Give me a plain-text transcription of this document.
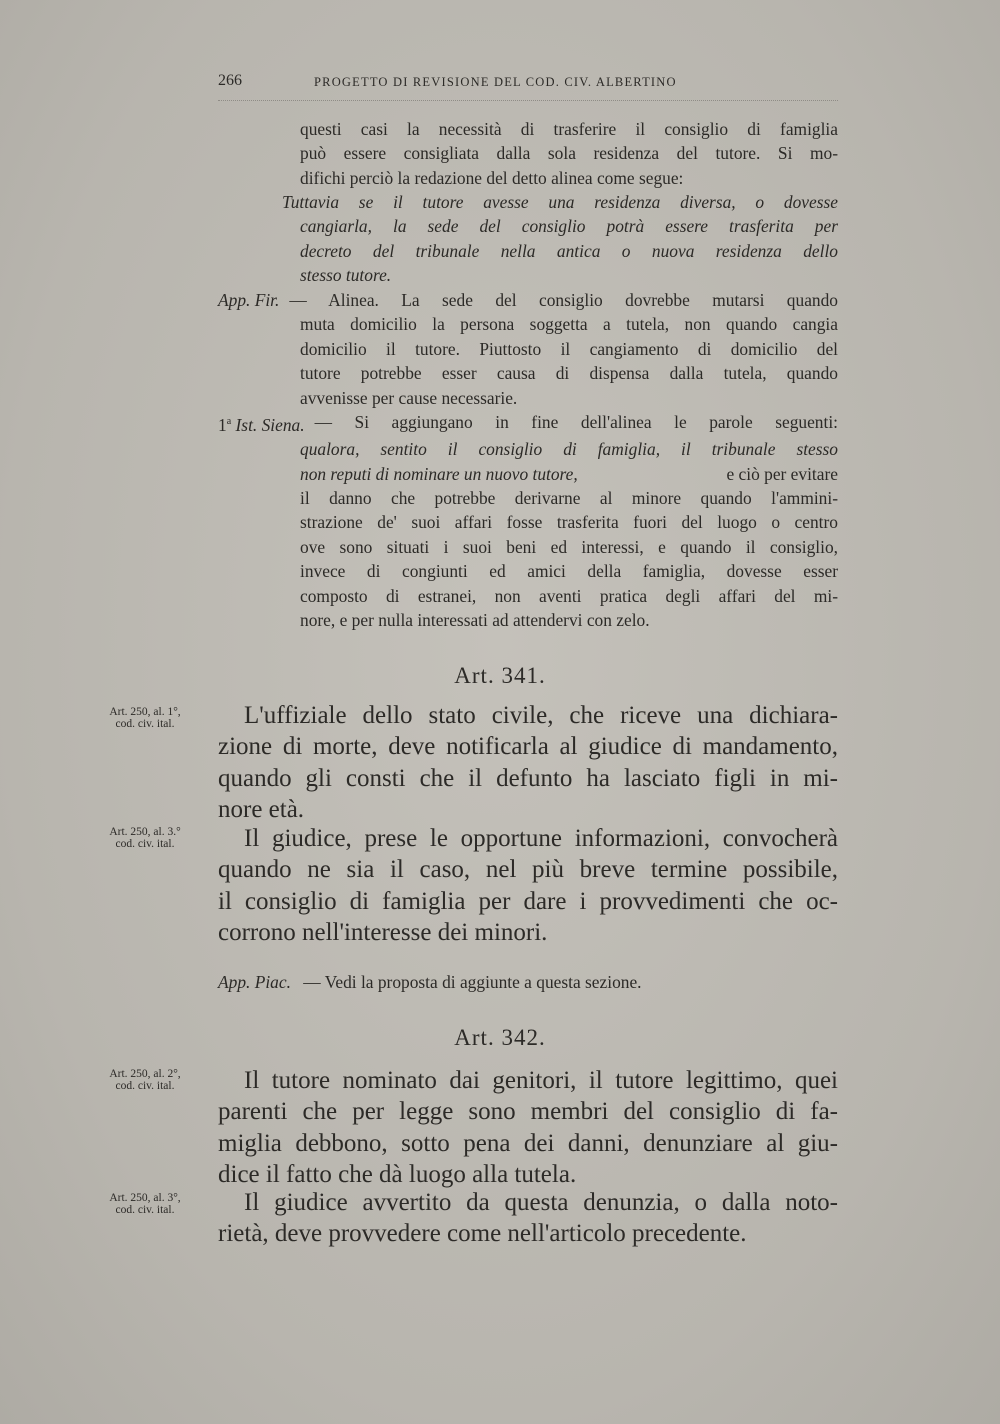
266	PROGETTO DI REVISIONE DEL COD. CIV. ALBERTINO
questi casi la necessità di trasferire il consiglio di famiglia
può essere consigliata dalla sola residenza del tutore. Si mo-
difichi perciò la redazione del detto alinea come segue:
Tuttavia se il tutore avesse una residenza diversa, o dovesse
cangiarla, la sede del consiglio potrà essere trasferita per
decreto del tribunale nella antica o nuova residenza dello
stesso tutore.
App. Fir. — Alinea. La sede del consiglio dovrebbe mutarsi quando
muta domicilio la persona soggetta a tutela, non quando cangia
domicilio il tutore. Piuttosto il cangiamento di domicilio del
tutore potrebbe esser causa di dispensa dalla tutela, quando
avvenisse per cause necessarie.
1$^a$ Ist. Siena. — Si aggiungano in fine dell'alinea le parole seguenti:
qualora, sentito il consiglio di famiglia, il tribunale stesso
non reputi di nominare un nuovo tutore,	e ciò per evitare
il danno che potrebbe derivarne al minore quando l'ammini-
strazione de' suoi affari fosse trasferita fuori del luogo o centro
ove sono situati i suoi beni ed interessi, e quando il consiglio,
invece di congiunti ed amici della famiglia, dovesse esser
composto di estranei, non aventi pratica degli affari del mi-
nore, e per nulla interessati ad attendervi con zelo.
Art. 341.
Art. 250, al. 1°,
cod. civ. ital.	L'uffiziale dello stato civile, che riceve una dichiara-
zione di morte, deve notificarla al giudice di mandamento,
quando gli consti che il defunto ha lasciato figli in mi-
nore età.
Art. 250, al. 3.°
cod. civ. ital.	Il giudice, prese le opportune informazioni, convocherà
quando ne sia il caso, nel più breve termine possibile,
il consiglio di famiglia per dare i provvedimenti che oc-
corrono nell'interesse dei minori.
App. Piac. — Vedi la proposta di aggiunte a questa sezione.
Art. 342.
Art. 250, al. 2°,
cod. civ. ital.	Il tutore nominato dai genitori, il tutore legittimo, quei
parenti che per legge sono membri del consiglio di fa-
miglia debbono, sotto pena dei danni, denunziare al giu-
dice il fatto che dà luogo alla tutela.
Art. 250, al. 3°,
cod. civ. ital.	Il giudice avvertito da questa denunzia, o dalla noto-
rietà, deve provvedere come nell'articolo precedente.
